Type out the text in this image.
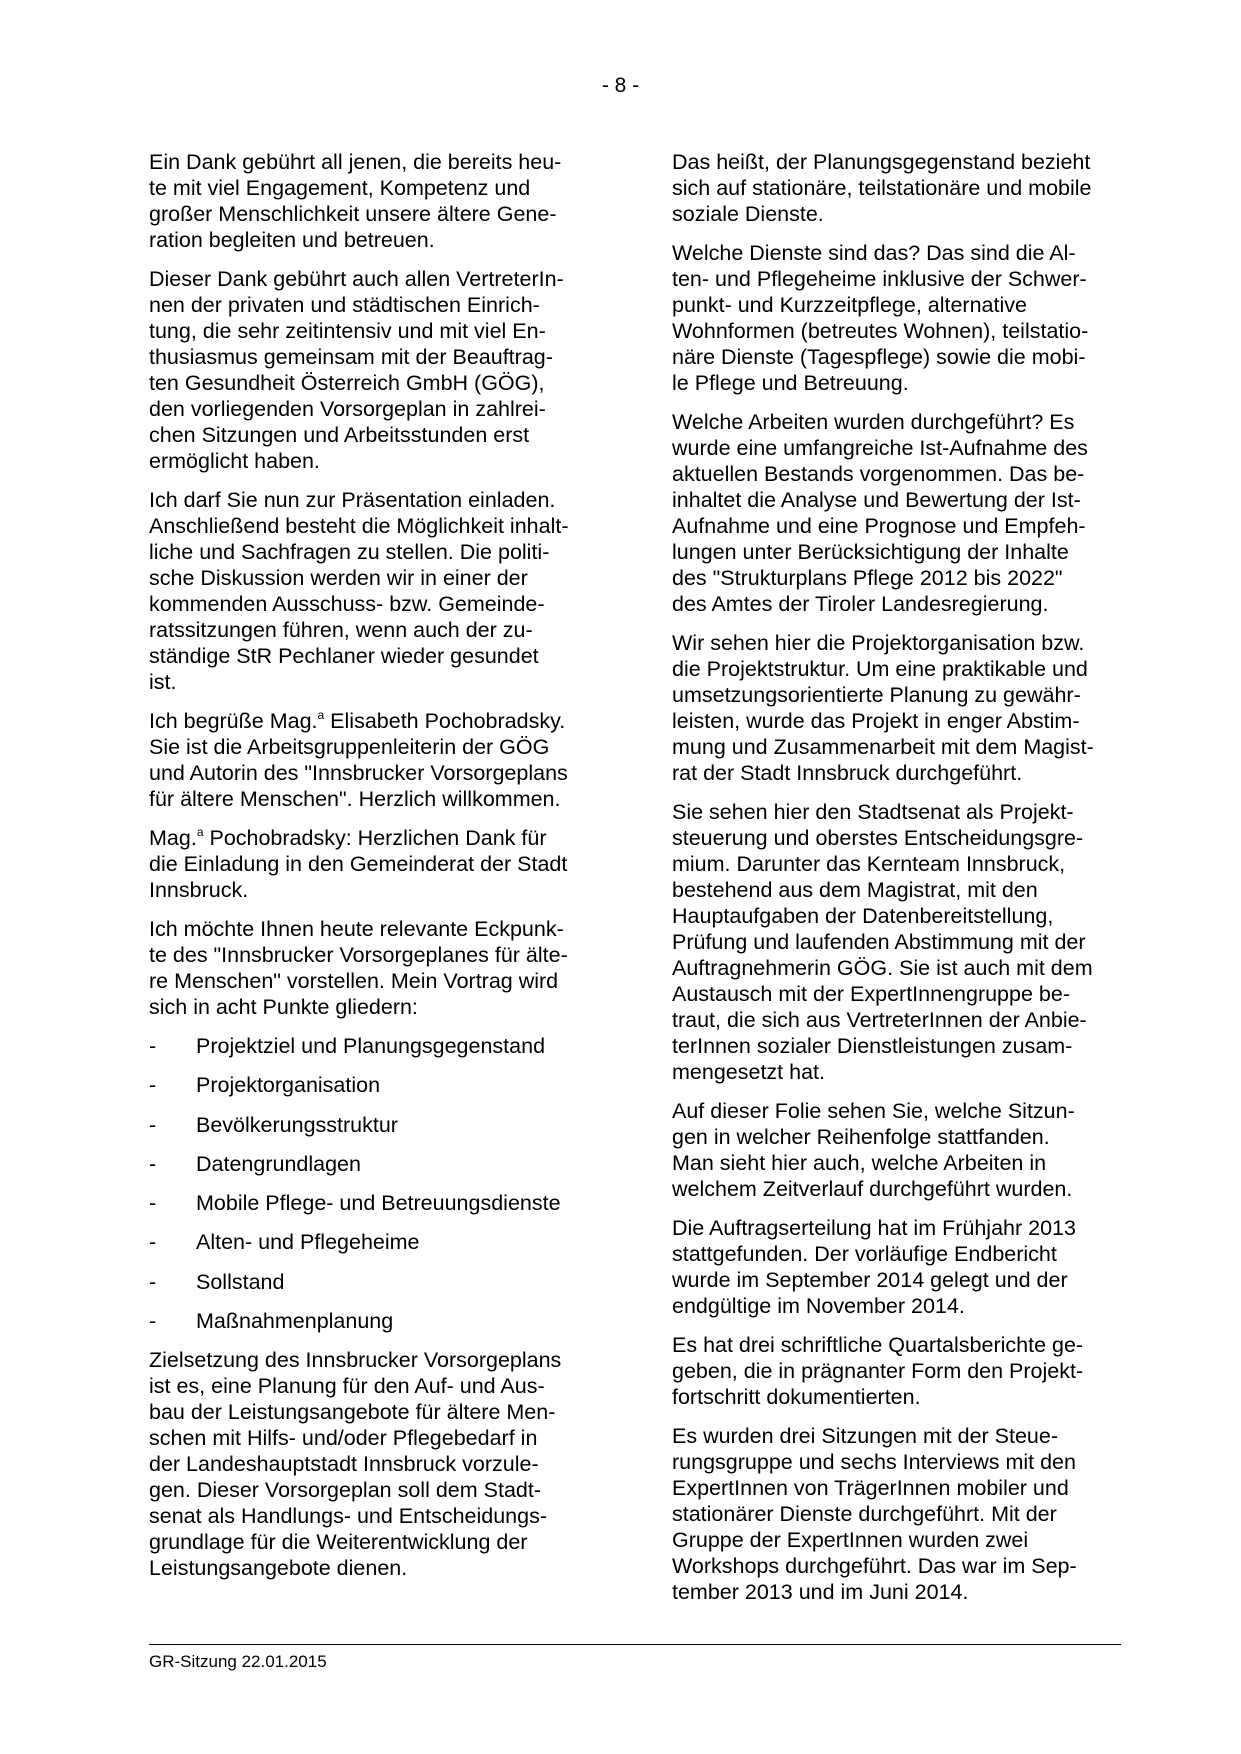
- 8 -

Ein Dank gebührt all jenen, die bereits heu-
te mit viel Engagement, Kompetenz und
großer Menschlichkeit unsere ältere Gene-
ration begleiten und betreuen.

Dieser Dank gebührt auch allen VertreterIn-
nen der privaten und städtischen Einrich-
tung, die sehr zeitintensiv und mit viel En-
thusiasmus gemeinsam mit der Beauftrag-
ten Gesundheit Österreich GmbH (GÖG),
den vorliegenden Vorsorgeplan in zahlrei-
chen Sitzungen und Arbeitsstunden erst
ermöglicht haben.

Ich darf Sie nun zur Präsentation einladen.
Anschließend besteht die Möglichkeit inhalt-
liche und Sachfragen zu stellen. Die politi-
sche Diskussion werden wir in einer der
kommenden Ausschuss- bzw. Gemeinde-
ratssitzungen führen, wenn auch der zu-
ständige StR Pechlaner wieder gesundet
ist.

Ich begrüße Mag.$^a$ Elisabeth Pochobradsky.
Sie ist die Arbeitsgruppenleiterin der GÖG
und Autorin des "Innsbrucker Vorsorgeplans
für ältere Menschen". Herzlich willkommen.

Mag.$^a$ Pochobradsky: Herzlichen Dank für
die Einladung in den Gemeinderat der Stadt
Innsbruck.

Ich möchte Ihnen heute relevante Eckpunk-
te des "Innsbrucker Vorsorgeplanes für älte-
re Menschen" vorstellen. Mein Vortrag wird
sich in acht Punkte gliedern:

- Projektziel und Planungsgegenstand
- Projektorganisation
- Bevölkerungsstruktur
- Datengrundlagen
- Mobile Pflege- und Betreuungsdienste
- Alten- und Pflegeheime
- Sollstand
- Maßnahmenplanung

Zielsetzung des Innsbrucker Vorsorgeplans
ist es, eine Planung für den Auf- und Aus-
bau der Leistungsangebote für ältere Men-
schen mit Hilfs- und/oder Pflegebedarf in
der Landeshauptstadt Innsbruck vorzule-
gen. Dieser Vorsorgeplan soll dem Stadt-
senat als Handlungs- und Entscheidungs-
grundlage für die Weiterentwicklung der
Leistungsangebote dienen.

Das heißt, der Planungsgegenstand bezieht
sich auf stationäre, teilstationäre und mobile
soziale Dienste.

Welche Dienste sind das? Das sind die Al-
ten- und Pflegeheime inklusive der Schwer-
punkt- und Kurzzeitpflege, alternative
Wohnformen (betreutes Wohnen), teilstatio-
näre Dienste (Tagespflege) sowie die mobi-
le Pflege und Betreuung.

Welche Arbeiten wurden durchgeführt? Es
wurde eine umfangreiche Ist-Aufnahme des
aktuellen Bestands vorgenommen. Das be-
inhaltet die Analyse und Bewertung der Ist-
Aufnahme und eine Prognose und Empfeh-
lungen unter Berücksichtigung der Inhalte
des "Strukturplans Pflege 2012 bis 2022"
des Amtes der Tiroler Landesregierung.

Wir sehen hier die Projektorganisation bzw.
die Projektstruktur. Um eine praktikable und
umsetzungsorientierte Planung zu gewähr-
leisten, wurde das Projekt in enger Abstim-
mung und Zusammenarbeit mit dem Magist-
rat der Stadt Innsbruck durchgeführt.

Sie sehen hier den Stadtsenat als Projekt-
steuerung und oberstes Entscheidungsgre-
mium. Darunter das Kernteam Innsbruck,
bestehend aus dem Magistrat, mit den
Hauptaufgaben der Datenbereitstellung,
Prüfung und laufenden Abstimmung mit der
Auftragnehmerin GÖG. Sie ist auch mit dem
Austausch mit der ExpertInnengruppe be-
traut, die sich aus VertreterInnen der Anbie-
terInnen sozialer Dienstleistungen zusam-
mengesetzt hat.

Auf dieser Folie sehen Sie, welche Sitzun-
gen in welcher Reihenfolge stattfanden.
Man sieht hier auch, welche Arbeiten in
welchem Zeitverlauf durchgeführt wurden.

Die Auftragserteilung hat im Frühjahr 2013
stattgefunden. Der vorläufige Endbericht
wurde im September 2014 gelegt und der
endgültige im November 2014.

Es hat drei schriftliche Quartalsberichte ge-
geben, die in prägnanter Form den Projekt-
fortschritt dokumentierten.

Es wurden drei Sitzungen mit der Steue-
rungsgruppe und sechs Interviews mit den
ExpertInnen von TrägerInnen mobiler und
stationärer Dienste durchgeführt. Mit der
Gruppe der ExpertInnen wurden zwei
Workshops durchgeführt. Das war im Sep-
tember 2013 und im Juni 2014.

GR-Sitzung 22.01.2015
